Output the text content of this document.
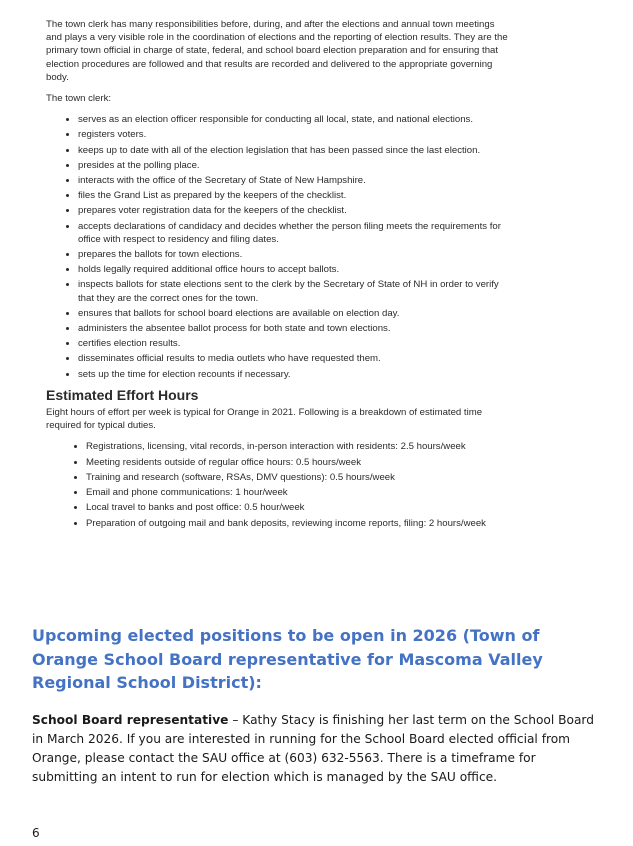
The town clerk has many responsibilities before, during, and after the elections and annual town meetings and plays a very visible role in the coordination of elections and the reporting of election results. They are the primary town official in charge of state, federal, and school board election preparation and for ensuring that election procedures are followed and that results are recorded and delivered to the appropriate governing body.

The town clerk:

• serves as an election officer responsible for conducting all local, state, and national elections.
• registers voters.
• keeps up to date with all of the election legislation that has been passed since the last election.
• presides at the polling place.
• interacts with the office of the Secretary of State of New Hampshire.
• files the Grand List as prepared by the keepers of the checklist.
• prepares voter registration data for the keepers of the checklist.
• accepts declarations of candidacy and decides whether the person filing meets the requirements for office with respect to residency and filing dates.
• prepares the ballots for town elections.
• holds legally required additional office hours to accept ballots.
• inspects ballots for state elections sent to the clerk by the Secretary of State of NH in order to verify that they are the correct ones for the town.
• ensures that ballots for school board elections are available on election day.
• administers the absentee ballot process for both state and town elections.
• certifies election results.
• disseminates official results to media outlets who have requested them.
• sets up the time for election recounts if necessary.
Estimated Effort Hours

Eight hours of effort per week is typical for Orange in 2021. Following is a breakdown of estimated time required for typical duties.

• Registrations, licensing, vital records, in-person interaction with residents: 2.5 hours/week
• Meeting residents outside of regular office hours: 0.5 hours/week
• Training and research (software, RSAs, DMV questions): 0.5 hours/week
• Email and phone communications: 1 hour/week
• Local travel to banks and post office: 0.5 hour/week
• Preparation of outgoing mail and bank deposits, reviewing income reports, filing: 2 hours/week
Upcoming elected positions to be open in 2026 (Town of Orange School Board representative for Mascoma Valley Regional School District):

School Board representative – Kathy Stacy is finishing her last term on the School Board in March 2026. If you are interested in running for the School Board elected official from Orange, please contact the SAU office at (603) 632-5563. There is a timeframe for submitting an intent to run for election which is managed by the SAU office.

6
